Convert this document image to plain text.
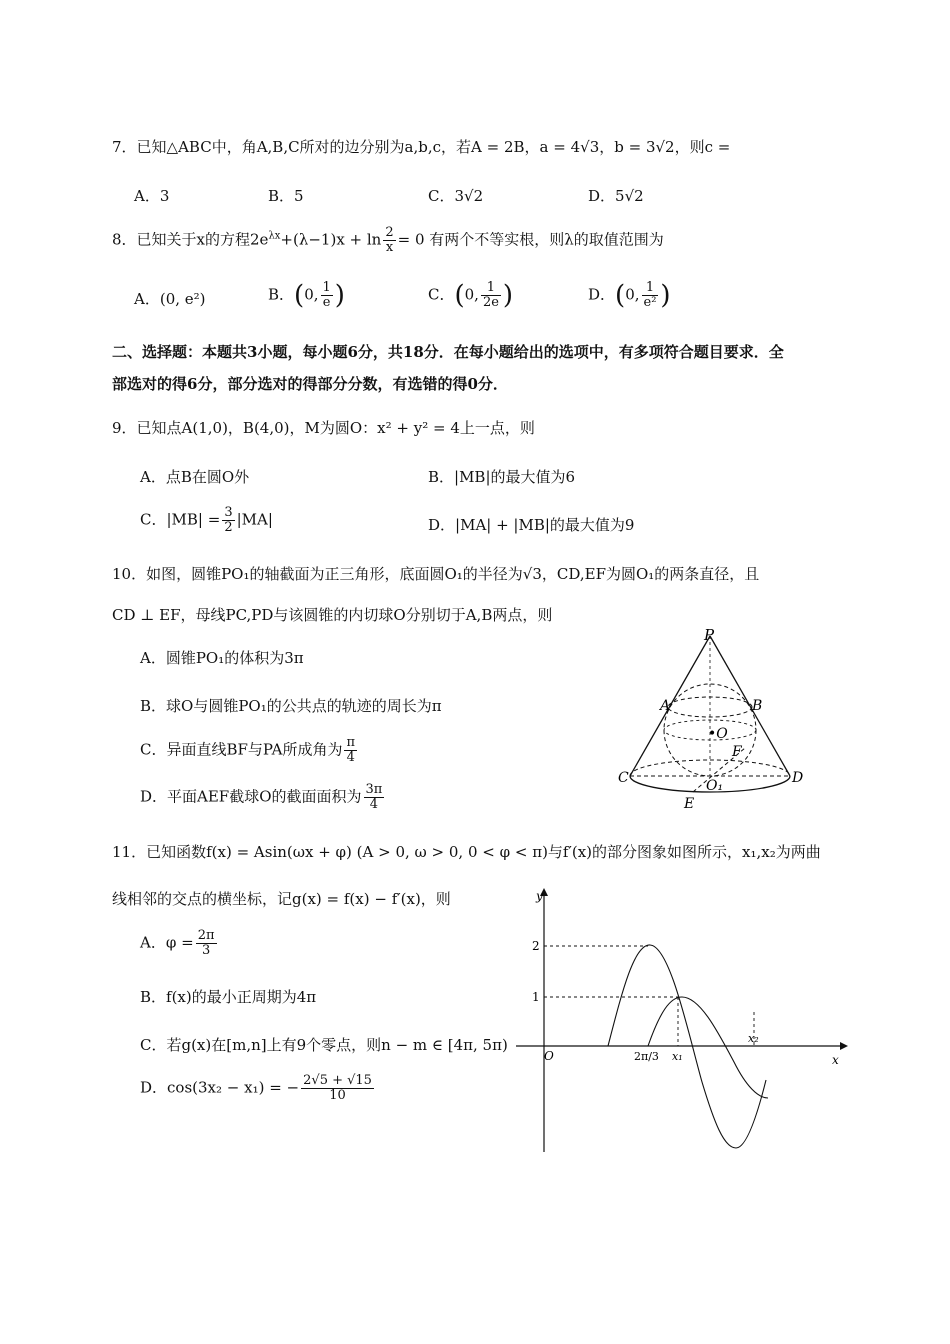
7．已知△ABC中，角A,B,C所对的边分别为a,b,c，若A = 2B，a = 4√3，b = 3√2，则c =
A．3	B．5	C．3√2	D．5√2
8．已知关于x的方程$2e^{\lambda x}+(\lambda-1)x + \ln \frac{2}{x} = 0$ 有两个不等实根，则λ的取值范围为
A．(0, e²)	B．(0, $\frac{1}{e}$ )	C．(0, $\frac{1}{2e}$ )	D．(0, $\frac{1}{\text{e²}}$ )
二、选择题：本题共3小题，每小题6分，共18分．在每小题给出的选项中，有多项符合题目要求．全
部选对的得6分，部分选对的得部分分数，有选错的得0分．
9．已知点A(1,0)，B(4,0)，M为圆O：x² + y² = 4上一点，则
A．点B在圆O外	B．|MB|的最大值为6
C．$|MB| = \frac{3}{2} |MA|$	D．|MA| + |MB|的最大值为9
10．如图，圆锥PO₁的轴截面为正三角形，底面圆O₁的半径为√3，CD,EF为圆O₁的两条直径，且
CD ⊥ EF，母线PC,PD与该圆锥的内切球O分别切于A,B两点，则
A．圆锥PO₁的体积为3π
B．球O与圆锥PO₁的公共点的轨迹的周长为π
C．异面直线BF与PA所成角为 $\frac{\pi}{4}$
D．平面AEF截球O的截面面积为 $\frac{3\pi}{4}$
P
A	B
•O
F
C	D
O₁
E
11．已知函数f(x) = Asin(ωx + φ) (A > 0, ω > 0, 0 < φ < π)与f′(x)的部分图象如图所示，x₁,x₂为两曲
线相邻的交点的横坐标，记g(x) = f(x) − f′(x)，则
A．$\varphi = \frac{2\pi}{3}$
B．f(x)的最小正周期为4π
C．若g(x)在[m,n]上有9个零点，则n − m ∈ [4π, 5π)
D．cos(3x₂ − x₁) = − $\frac{2√5 + √15}{10}$
y
x
2
1
O	2π/3 x₁
x₂
